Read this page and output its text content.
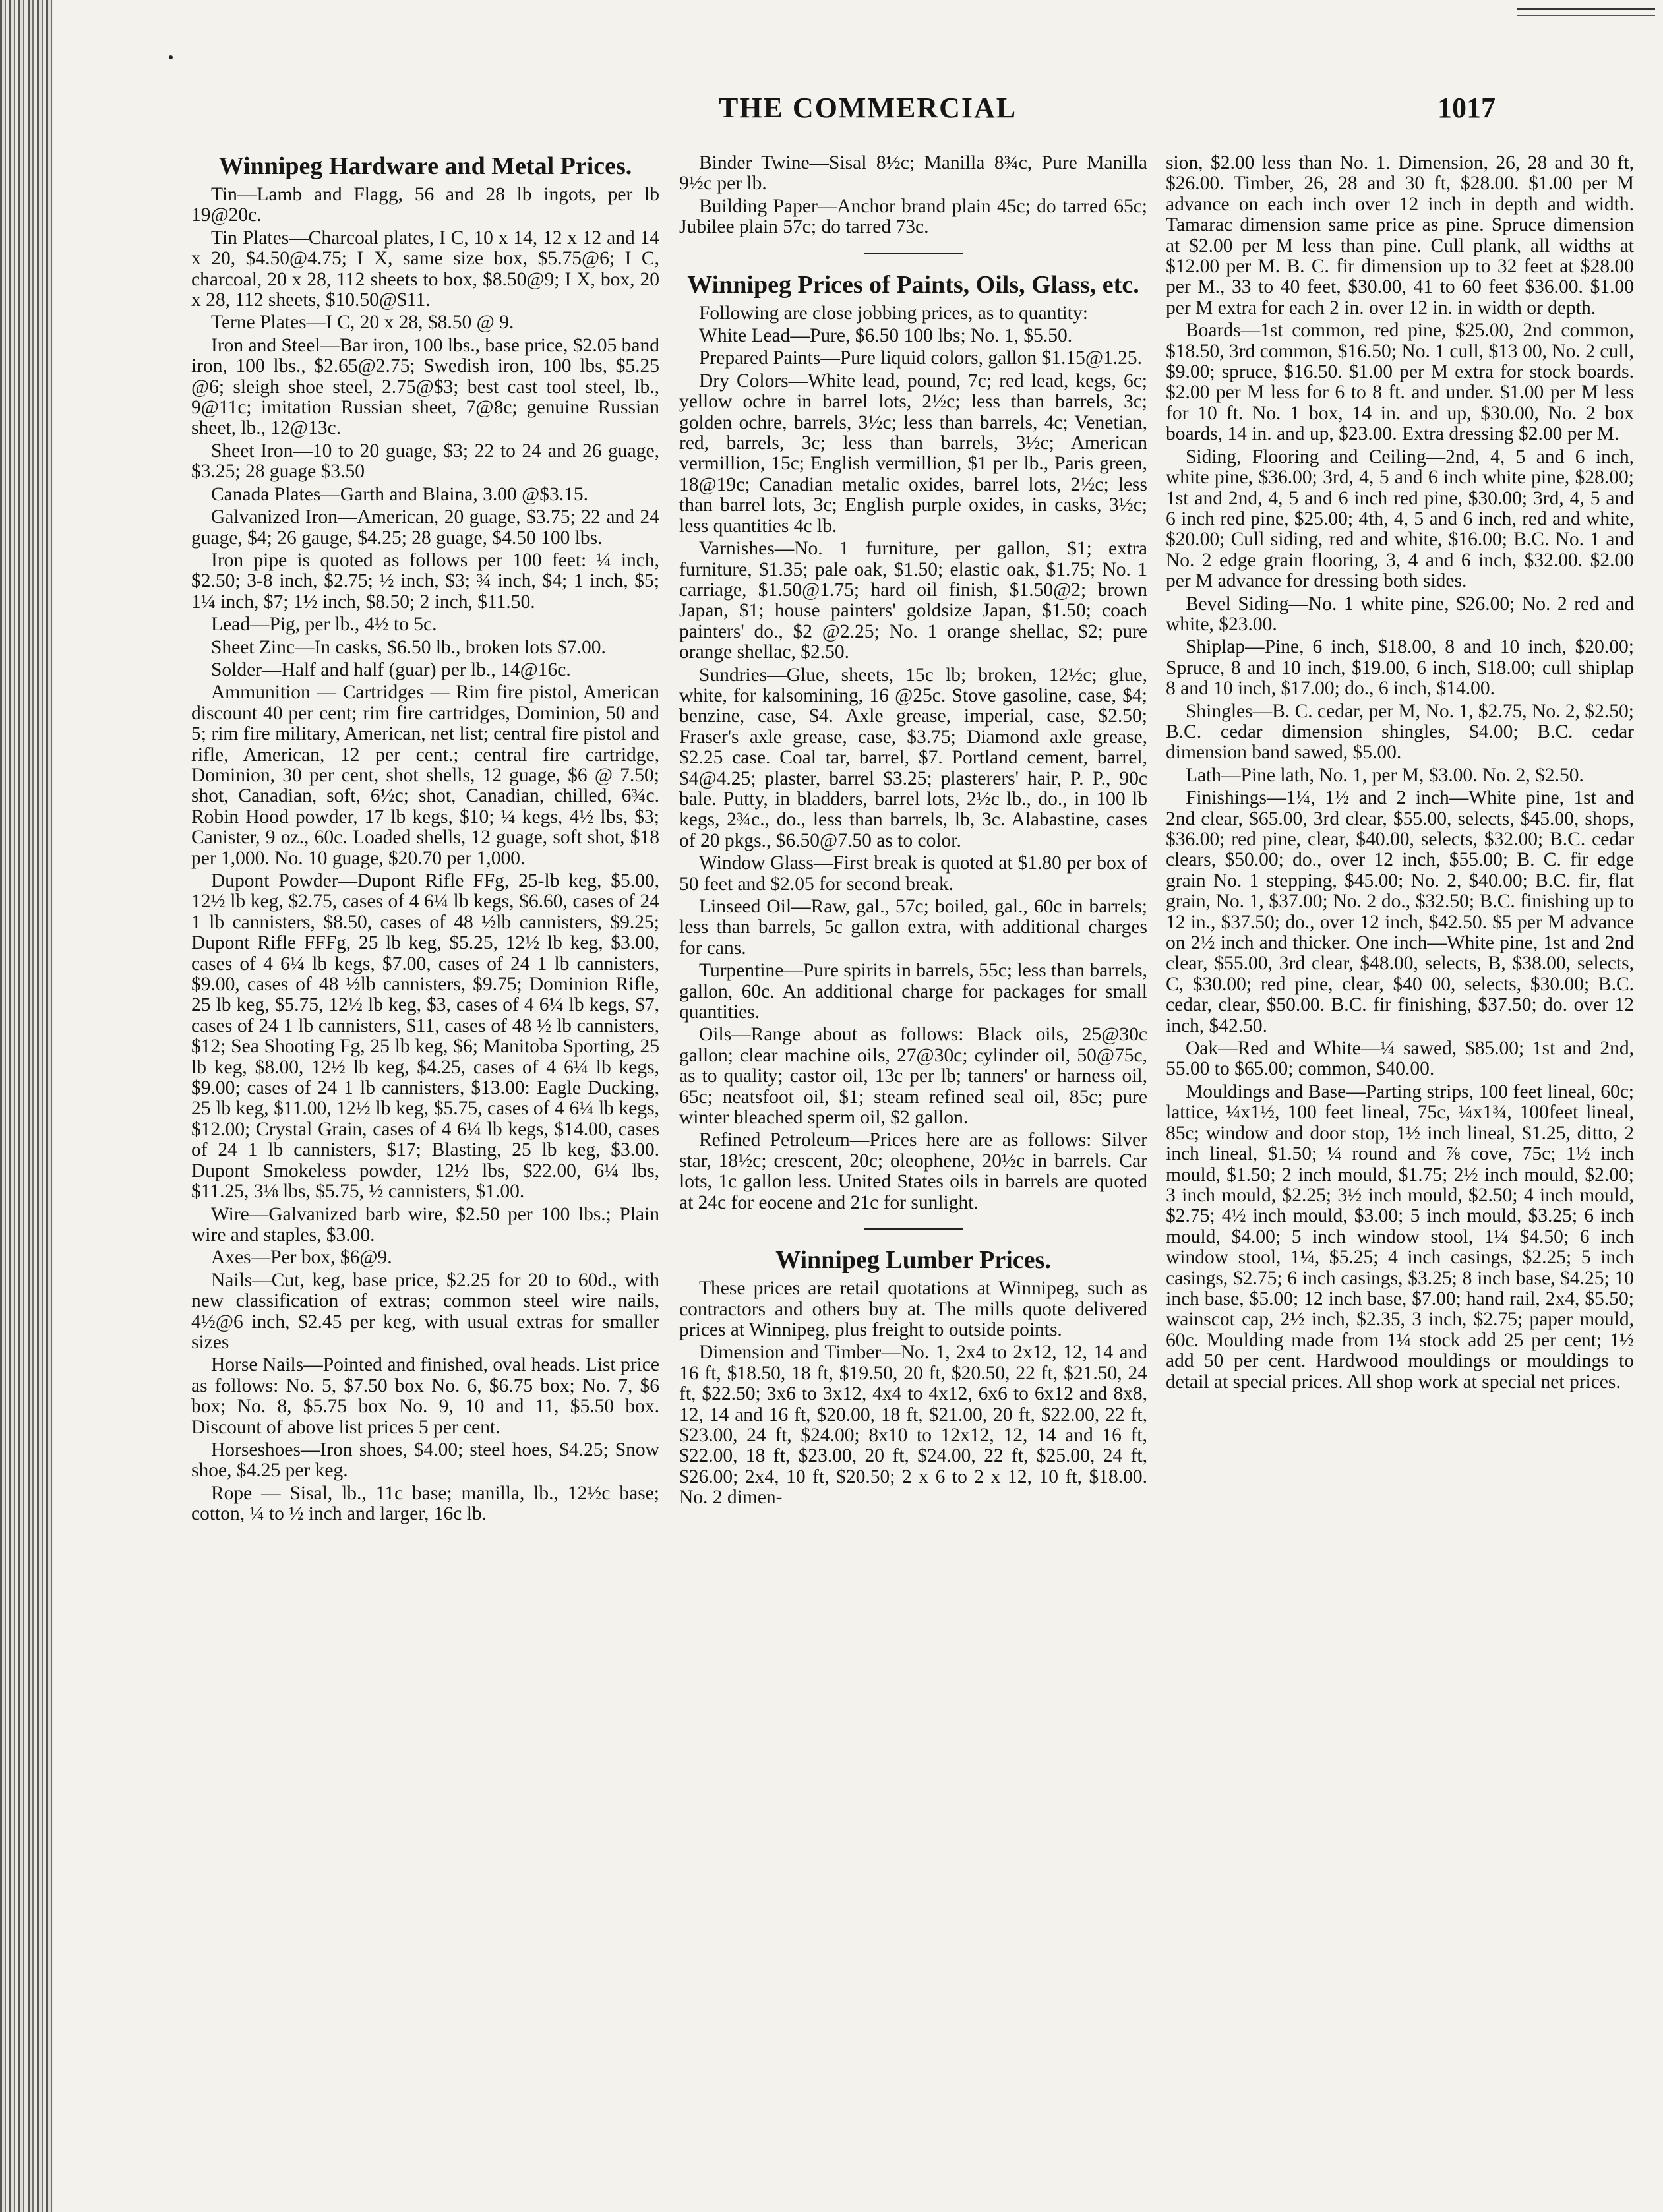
THE COMMERCIAL	1017
Winnipeg Hardware and Metal Prices.

Tin—Lamb and Flagg, 56 and 28 lb ingots, per lb 19@20c.

Tin Plates—Charcoal plates, I C, 10 x 14, 12 x 12 and 14 x 20, $4.50@4.75; I X, same size box, $5.75@6; I C, charcoal, 20 x 28, 112 sheets to box, $8.50@9; I X, box, 20 x 28, 112 sheets, $10.50@$11.

Terne Plates—I C, 20 x 28, $8.50 @ 9.

Iron and Steel—Bar iron, 100 lbs., base price, $2.05 band iron, 100 lbs., $2.65@2.75; Swedish iron, 100 lbs, $5.25 @6; sleigh shoe steel, 2.75@$3; best cast tool steel, lb., 9@11c; imitation Russian sheet, 7@8c; genuine Russian sheet, lb., 12@13c.

Sheet Iron—10 to 20 guage, $3; 22 to 24 and 26 guage, $3.25; 28 guage $3.50

Canada Plates—Garth and Blaina, 3.00 @$3.15.

Galvanized Iron—American, 20 guage, $3.75; 22 and 24 guage, $4; 26 gauge, $4.25; 28 guage, $4.50 100 lbs.

Iron pipe is quoted as follows per 100 feet: ¼ inch, $2.50; 3-8 inch, $2.75; ½ inch, $3; ¾ inch, $4; 1 inch, $5; 1¼ inch, $7; 1½ inch, $8.50; 2 inch, $11.50.

Lead—Pig, per lb., 4½ to 5c.

Sheet Zinc—In casks, $6.50 lb., broken lots $7.00.

Solder—Half and half (guar) per lb., 14@16c.

Ammunition — Cartridges — Rim fire pistol, American discount 40 per cent; rim fire cartridges, Dominion, 50 and 5; rim fire military, American, net list; central fire pistol and rifle, American, 12 per cent.; central fire cartridge, Dominion, 30 per cent, shot shells, 12 guage, $6 @ 7.50; shot, Canadian, soft, 6½c; shot, Canadian, chilled, 6¾c. Robin Hood powder, 17 lb kegs, $10; ¼ kegs, 4½ lbs, $3; Canister, 9 oz., 60c. Loaded shells, 12 guage, soft shot, $18 per 1,000. No. 10 guage, $20.70 per 1,000.

Dupont Powder—Dupont Rifle FFg, 25-lb keg, $5.00, 12½ lb keg, $2.75, cases of 4 6¼ lb kegs, $6.60, cases of 24 1 lb cannisters, $8.50, cases of 48 ½lb cannisters, $9.25; Dupont Rifle FFFg, 25 lb keg, $5.25, 12½ lb keg, $3.00, cases of 4 6¼ lb kegs, $7.00, cases of 24 1 lb cannisters, $9.00, cases of 48 ½lb cannisters, $9.75; Dominion Rifle, 25 lb keg, $5.75, 12½ lb keg, $3, cases of 4 6¼ lb kegs, $7, cases of 24 1 lb cannisters, $11, cases of 48 ½ lb cannisters, $12; Sea Shooting Fg, 25 lb keg, $6; Manitoba Sporting, 25 lb keg, $8.00, 12½ lb keg, $4.25, cases of 4 6¼ lb kegs, $9.00; cases of 24 1 lb cannisters, $13.00: Eagle Ducking, 25 lb keg, $11.00, 12½ lb keg, $5.75, cases of 4 6¼ lb kegs, $12.00; Crystal Grain, cases of 4 6¼ lb kegs, $14.00, cases of 24 1 lb cannisters, $17; Blasting, 25 lb keg, $3.00. Dupont Smokeless powder, 12½ lbs, $22.00, 6¼ lbs, $11.25, 3⅛ lbs, $5.75, ½ cannisters, $1.00.

Wire—Galvanized barb wire, $2.50 per 100 lbs.; Plain wire and staples, $3.00.

Axes—Per box, $6@9.

Nails—Cut, keg, base price, $2.25 for 20 to 60d., with new classification of extras; common steel wire nails, 4½@6 inch, $2.45 per keg, with usual extras for smaller sizes

Horse Nails—Pointed and finished, oval heads. List price as follows: No. 5, $7.50 box No. 6, $6.75 box; No. 7, $6 box; No. 8, $5.75 box No. 9, 10 and 11, $5.50 box. Discount of above list prices 5 per cent.

Horseshoes—Iron shoes, $4.00; steel hoes, $4.25; Snow shoe, $4.25 per keg.

Rope — Sisal, lb., 11c base; manilla, lb., 12½c base; cotton, ¼ to ½ inch and larger, 16c lb.

Binder Twine—Sisal 8½c; Manilla 8¾c, Pure Manilla 9½c per lb.

Building Paper—Anchor brand plain 45c; do tarred 65c; Jubilee plain 57c; do tarred 73c.

Winnipeg Prices of Paints, Oils, Glass, etc.

Following are close jobbing prices, as to quantity:

White Lead—Pure, $6.50 100 lbs; No. 1, $5.50.

Prepared Paints—Pure liquid colors, gallon $1.15@1.25.

Dry Colors—White lead, pound, 7c; red lead, kegs, 6c; yellow ochre in barrel lots, 2½c; less than barrels, 3c; golden ochre, barrels, 3½c; less than barrels, 4c; Venetian, red, barrels, 3c; less than barrels, 3½c; American vermillion, 15c; English vermillion, $1 per lb., Paris green, 18@19c; Canadian metalic oxides, barrel lots, 2½c; less than barrel lots, 3c; English purple oxides, in casks, 3½c; less quantities 4c lb.

Varnishes—No. 1 furniture, per gallon, $1; extra furniture, $1.35; pale oak, $1.50; elastic oak, $1.75; No. 1 carriage, $1.50@1.75; hard oil finish, $1.50@2; brown Japan, $1; house painters' goldsize Japan, $1.50; coach painters' do., $2 @2.25; No. 1 orange shellac, $2; pure orange shellac, $2.50.

Sundries—Glue, sheets, 15c lb; broken, 12½c; glue, white, for kalsomining, 16 @25c. Stove gasoline, case, $4; benzine, case, $4. Axle grease, imperial, case, $2.50; Fraser's axle grease, case, $3.75; Diamond axle grease, $2.25 case. Coal tar, barrel, $7. Portland cement, barrel, $4@4.25; plaster, barrel $3.25; plasterers' hair, P. P., 90c bale. Putty, in bladders, barrel lots, 2½c lb., do., in 100 lb kegs, 2¾c., do., less than barrels, lb, 3c. Alabastine, cases of 20 pkgs., $6.50@7.50 as to color.

Window Glass—First break is quoted at $1.80 per box of 50 feet and $2.05 for second break.

Linseed Oil—Raw, gal., 57c; boiled, gal., 60c in barrels; less than barrels, 5c gallon extra, with additional charges for cans.

Turpentine—Pure spirits in barrels, 55c; less than barrels, gallon, 60c. An additional charge for packages for small quantities.

Oils—Range about as follows: Black oils, 25@30c gallon; clear machine oils, 27@30c; cylinder oil, 50@75c, as to quality; castor oil, 13c per lb; tanners' or harness oil, 65c; neatsfoot oil, $1; steam refined seal oil, 85c; pure winter bleached sperm oil, $2 gallon.

Refined Petroleum—Prices here are as follows: Silver star, 18½c; crescent, 20c; oleophene, 20½c in barrels. Car lots, 1c gallon less. United States oils in barrels are quoted at 24c for eocene and 21c for sunlight.

Winnipeg Lumber Prices.

These prices are retail quotations at Winnipeg, such as contractors and others buy at. The mills quote delivered prices at Winnipeg, plus freight to outside points.

Dimension and Timber—No. 1, 2x4 to 2x12, 12, 14 and 16 ft, $18.50, 18 ft, $19.50, 20 ft, $20.50, 22 ft, $21.50, 24 ft, $22.50; 3x6 to 3x12, 4x4 to 4x12, 6x6 to 6x12 and 8x8, 12, 14 and 16 ft, $20.00, 18 ft, $21.00, 20 ft, $22.00, 22 ft, $23.00, 24 ft, $24.00; 8x10 to 12x12, 12, 14 and 16 ft, $22.00, 18 ft, $23.00, 20 ft, $24.00, 22 ft, $25.00, 24 ft, $26.00; 2x4, 10 ft, $20.50; 2 x 6 to 2 x 12, 10 ft, $18.00. No. 2 dimen-

sion, $2.00 less than No. 1. Dimension, 26, 28 and 30 ft, $26.00. Timber, 26, 28 and 30 ft, $28.00. $1.00 per M advance on each inch over 12 inch in depth and width. Tamarac dimension same price as pine. Spruce dimension at $2.00 per M less than pine. Cull plank, all widths at $12.00 per M. B. C. fir dimension up to 32 feet at $28.00 per M., 33 to 40 feet, $30.00, 41 to 60 feet $36.00. $1.00 per M extra for each 2 in. over 12 in. in width or depth.

Boards—1st common, red pine, $25.00, 2nd common, $18.50, 3rd common, $16.50; No. 1 cull, $13 00, No. 2 cull, $9.00; spruce, $16.50. $1.00 per M extra for stock boards. $2.00 per M less for 6 to 8 ft. and under. $1.00 per M less for 10 ft. No. 1 box, 14 in. and up, $30.00, No. 2 box boards, 14 in. and up, $23.00. Extra dressing $2.00 per M.

Siding, Flooring and Ceiling—2nd, 4, 5 and 6 inch, white pine, $36.00; 3rd, 4, 5 and 6 inch white pine, $28.00; 1st and 2nd, 4, 5 and 6 inch red pine, $30.00; 3rd, 4, 5 and 6 inch red pine, $25.00; 4th, 4, 5 and 6 inch, red and white, $20.00; Cull siding, red and white, $16.00; B.C. No. 1 and No. 2 edge grain flooring, 3, 4 and 6 inch, $32.00. $2.00 per M advance for dressing both sides.

Bevel Siding—No. 1 white pine, $26.00; No. 2 red and white, $23.00.

Shiplap—Pine, 6 inch, $18.00, 8 and 10 inch, $20.00; Spruce, 8 and 10 inch, $19.00, 6 inch, $18.00; cull shiplap 8 and 10 inch, $17.00; do., 6 inch, $14.00.

Shingles—B. C. cedar, per M, No. 1, $2.75, No. 2, $2.50; B.C. cedar dimension shingles, $4.00; B.C. cedar dimension band sawed, $5.00.

Lath—Pine lath, No. 1, per M, $3.00. No. 2, $2.50.

Finishings—1¼, 1½ and 2 inch—White pine, 1st and 2nd clear, $65.00, 3rd clear, $55.00, selects, $45.00, shops, $36.00; red pine, clear, $40.00, selects, $32.00; B.C. cedar clears, $50.00; do., over 12 inch, $55.00; B. C. fir edge grain No. 1 stepping, $45.00; No. 2, $40.00; B.C. fir, flat grain, No. 1, $37.00; No. 2 do., $32.50; B.C. finishing up to 12 in., $37.50; do., over 12 inch, $42.50. $5 per M advance on 2½ inch and thicker. One inch—White pine, 1st and 2nd clear, $55.00, 3rd clear, $48.00, selects, B, $38.00, selects, C, $30.00; red pine, clear, $40 00, selects, $30.00; B.C. cedar, clear, $50.00. B.C. fir finishing, $37.50; do. over 12 inch, $42.50.

Oak—Red and White—¼ sawed, $85.00; 1st and 2nd, 55.00 to $65.00; common, $40.00.

Mouldings and Base—Parting strips, 100 feet lineal, 60c; lattice, ¼x1½, 100 feet lineal, 75c, ¼x1¾, 100feet lineal, 85c; window and door stop, 1½ inch lineal, $1.25, ditto, 2 inch lineal, $1.50; ¼ round and ⅞ cove, 75c; 1½ inch mould, $1.50; 2 inch mould, $1.75; 2½ inch mould, $2.00; 3 inch mould, $2.25; 3½ inch mould, $2.50; 4 inch mould, $2.75; 4½ inch mould, $3.00; 5 inch mould, $3.25; 6 inch mould, $4.00; 5 inch window stool, 1¼ $4.50; 6 inch window stool, 1¼, $5.25; 4 inch casings, $2.25; 5 inch casings, $2.75; 6 inch casings, $3.25; 8 inch base, $4.25; 10 inch base, $5.00; 12 inch base, $7.00; hand rail, 2x4, $5.50; wainscot cap, 2½ inch, $2.35, 3 inch, $2.75; paper mould, 60c. Moulding made from 1¼ stock add 25 per cent; 1½ add 50 per cent. Hardwood mouldings or mouldings to detail at special prices. All shop work at special net prices.
